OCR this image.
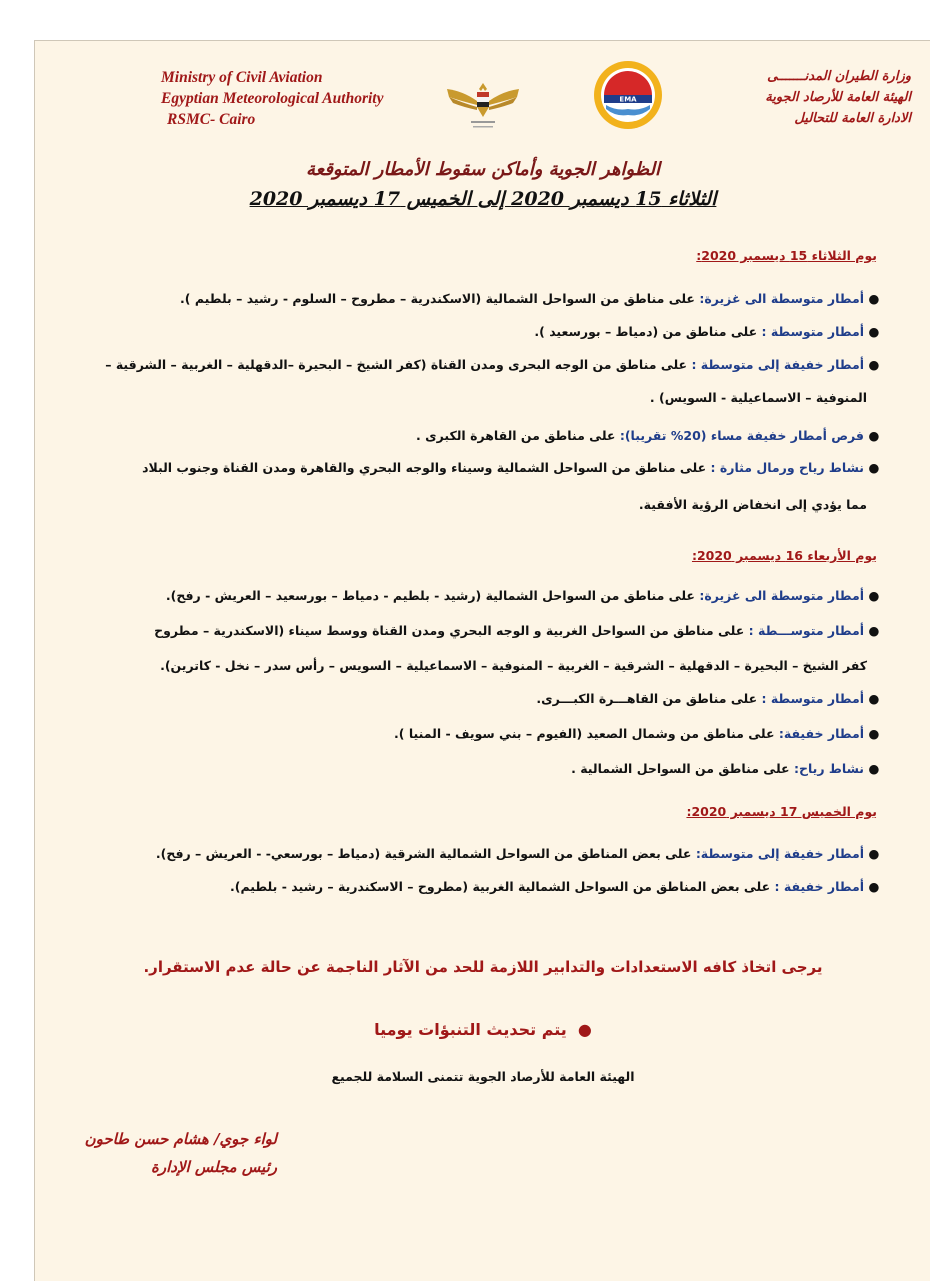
Ministry of Civil Aviation
Egyptian Meteorological Authority
RSMC- Cairo
EMA
وزارة الطيران المدنـــــــى
الهيئة العامة للأرصاد الجوية
الادارة العامة للتحاليل
الظواهر الجوية وأماكن سقوط الأمطار المتوقعة
الثلاثاء 15 ديسمبر 2020 إلى الخميس 17 ديسمبر 2020
يوم الثلاثاء 15 ديسمبر 2020:
●أمطار متوسطة الى غزيرة: على مناطق من السواحل الشمالية (الاسكندرية – مطروح – السلوم - رشيد – بلطيم ).
●أمطار متوسطة : على مناطق من (دمياط – بورسعيد ).
●أمطار خفيفة إلى متوسطة : على مناطق من الوجه البحرى ومدن القناة (كفر الشيخ – البحيرة –الدقهلية – الغربية – الشرقية –
المنوفية – الاسماعيلية - السويس) .
●فرص أمطار خفيفة مساء (20% تقريبا): على مناطق من القاهرة الكبرى .
●نشاط رياح ورمال مثارة : على مناطق من السواحل الشمالية وسيناء والوجه البحري والقاهرة ومدن القناة وجنوب البلاد
مما يؤدي إلى انخفاض الرؤية الأفقية.
يوم الأربعاء 16 ديسمبر 2020:
●أمطار متوسطة الى غزيرة: على مناطق من السواحل الشمالية (رشيد - بلطيم - دمياط – بورسعيد – العريش - رفح).
●أمطار متوســـطة : على مناطق من السواحل الغربية و الوجه البحري ومدن القناة ووسط سيناء (الاسكندرية – مطروح
كفر الشيخ – البحيرة – الدقهلية – الشرقية – الغربية – المنوفية – الاسماعيلية – السويس – رأس سدر – نخل - كاترين).
●أمطار متوسطة : على مناطق من القاهـــرة الكبـــرى.
●أمطار خفيفة: على مناطق من وشمال الصعيد (الفيوم – بني سويف - المنيا ).
●نشاط رياح: على مناطق من السواحل الشمالية .
يوم الخميس 17 ديسمبر 2020:
●أمطار خفيفة إلى متوسطة: على بعض المناطق من السواحل الشمالية الشرقية (دمياط – بورسعي- - العريش – رفح).
●أمطار خفيفة : على بعض المناطق من السواحل الشمالية الغربية (مطروح – الاسكندرية – رشيد - بلطيم).
يرجى اتخاذ كافه الاستعدادات والتدابير اللازمة للحد من الآثار الناجمة عن حالة عدم الاستقرار.
●  يتم تحديث التنبؤات يوميا
الهيئة العامة للأرصاد الجوية تتمنى السلامة للجميع
لواء جوي/ هشام حسن طاحون
رئيس مجلس الإدارة
